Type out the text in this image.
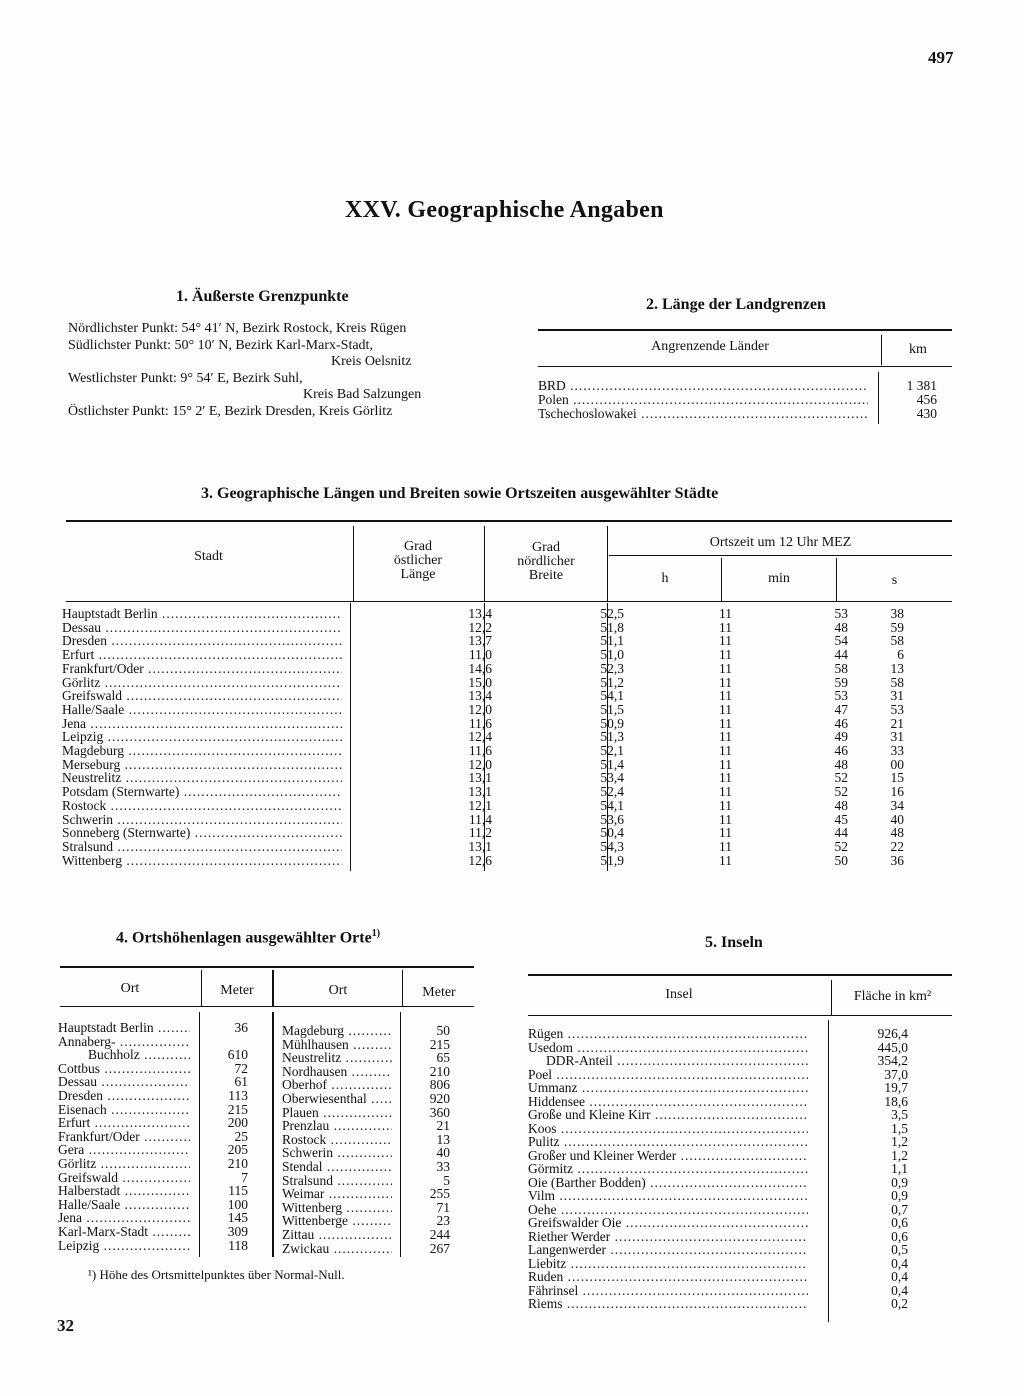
497
32
XXV. Geographische Angaben
1. Äußerste Grenzpunkte
Nördlichster Punkt: 54° 41′ N, Bezirk Rostock, Kreis Rügen
Südlichster Punkt: 50° 10′ N, Bezirk Karl-Marx-Stadt,
Kreis Oelsnitz
Westlichster Punkt: 9° 54′ E, Bezirk Suhl,
Kreis Bad Salzungen
Östlichster Punkt: 15° 2′ E, Bezirk Dresden, Kreis Görlitz
2. Länge der Landgrenzen
Angrenzende Länder	km
BRD .....	1 381
Polen .....	456
Tschechoslowakei .....	430
3. Geographische Längen und Breiten sowie Ortszeiten ausgewählter Städte
Stadt
Grad
östlicher
Länge
Grad
nördlicher
Breite
Ortszeit um 12 Uhr MEZ
h	min	s
Hauptstadt Berlin .....	13,4	52,5	11	53	38
Dessau .....	12,2	51,8	11	48	59
Dresden .....	13,7	51,1	11	54	58
Erfurt .....	11,0	51,0	11	44	6
Frankfurt/Oder .....	14,6	52,3	11	58	13
Görlitz .....	15,0	51,2	11	59	58
Greifswald .....	13,4	54,1	11	53	31
Halle/Saale .....	12,0	51,5	11	47	53
Jena .....	11,6	50,9	11	46	21
Leipzig .....	12,4	51,3	11	49	31
Magdeburg .....	11,6	52,1	11	46	33
Merseburg .....	12,0	51,4	11	48	00
Neustrelitz .....	13,1	53,4	11	52	15
Potsdam (Sternwarte) .....	13,1	52,4	11	52	16
Rostock .....	12,1	54,1	11	48	34
Schwerin .....	11,4	53,6	11	45	40
Sonneberg (Sternwarte) .....	11,2	50,4	11	44	48
Stralsund .....	13,1	54,3	11	52	22
Wittenberg .....	12,6	51,9	11	50	36
4. Ortshöhenlagen ausgewählter Orte$^{1)}$
Ort	Meter	Ort	Meter
Hauptstadt Berlin .....	36
Annaberg- .....
Buchholz .....	610
Cottbus .....	72
Dessau .....	61
Dresden .....	113
Eisenach .....	215
Erfurt .....	200
Frankfurt/Oder .....	25
Gera .....	205
Görlitz .....	210
Greifswald .....	7
Halberstadt .....	115
Halle/Saale .....	100
Jena .....	145
Karl-Marx-Stadt .....	309
Leipzig .....	118
Magdeburg .....	50
Mühlhausen .....	215
Neustrelitz .....	65
Nordhausen .....	210
Oberhof .....	806
Oberwiesenthal .....	920
Plauen .....	360
Prenzlau .....	21
Rostock .....	13
Schwerin .....	40
Stendal .....	33
Stralsund .....	5
Weimar .....	255
Wittenberg .....	71
Wittenberge .....	23
Zittau .....	244
Zwickau .....	267
¹) Höhe des Ortsmittelpunktes über Normal-Null.
5. Inseln
Insel	Fläche in km²
Rügen .....	926,4
Usedom .....	445,0
DDR-Anteil .....	354,2
Poel .....	37,0
Ummanz .....	19,7
Hiddensee .....	18,6
Große und Kleine Kirr .....	3,5
Koos .....	1,5
Pulitz .....	1,2
Großer und Kleiner Werder .....	1,2
Görmitz .....	1,1
Oie (Barther Bodden) .....	0,9
Vilm .....	0,9
Oehe .....	0,7
Greifswalder Oie .....	0,6
Riether Werder .....	0,6
Langenwerder .....	0,5
Liebitz .....	0,4
Ruden .....	0,4
Fährinsel .....	0,4
Riems .....	0,2
